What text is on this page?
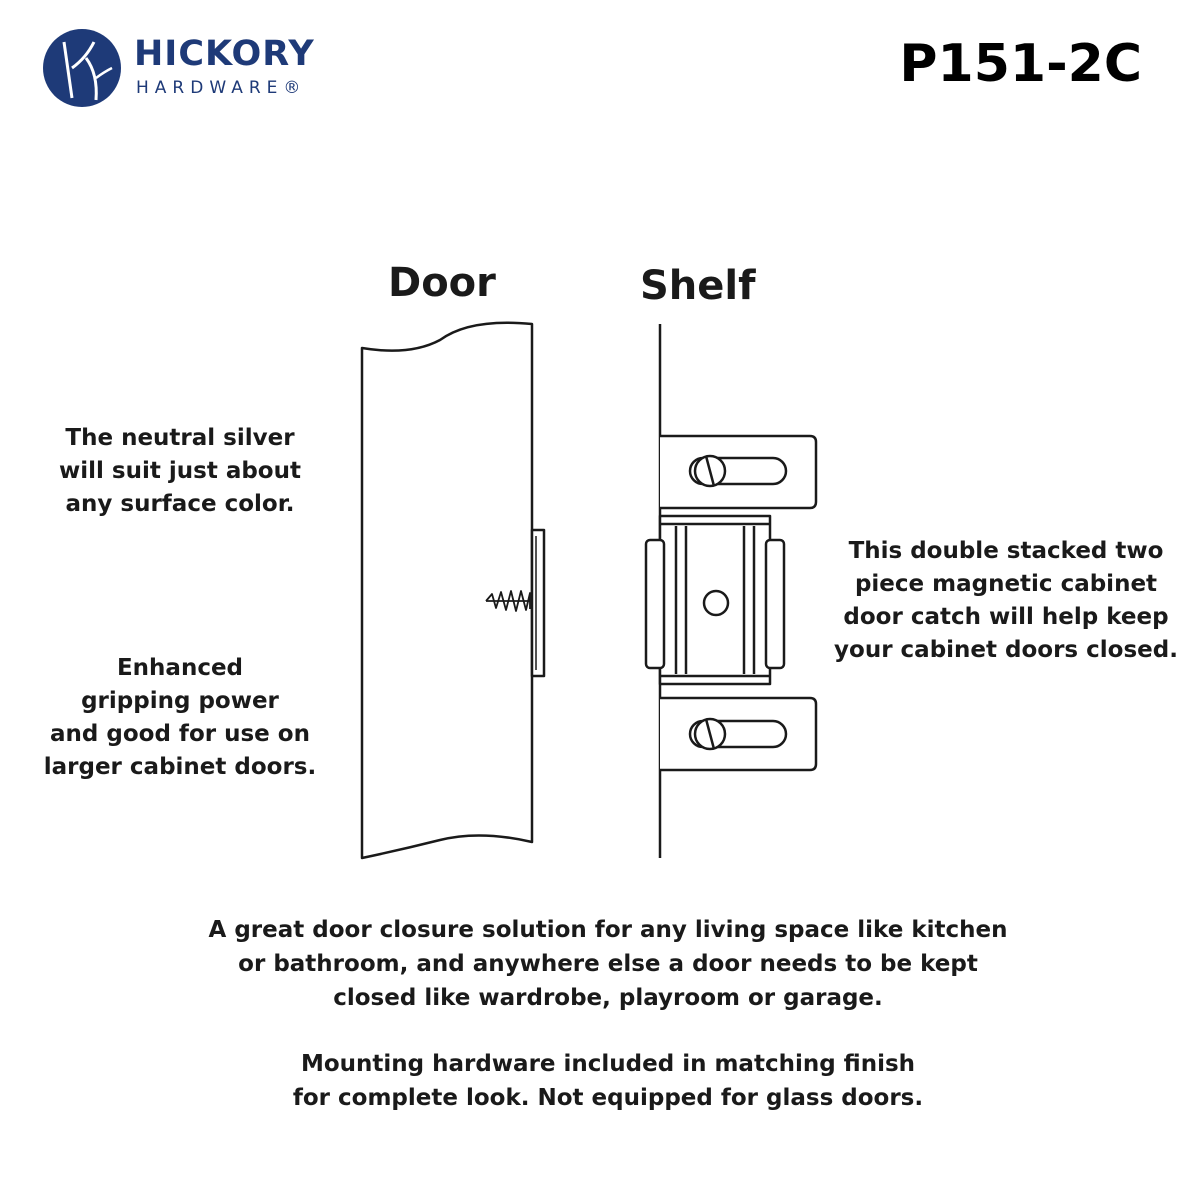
HICKORY
HARDWARE®	P151-2C
Door	Shelf
The neutral silver
will suit just about
any surface color.
Enhanced
gripping power
and good for use on
larger cabinet doors.
This double stacked two
piece magnetic cabinet
door catch will help keep
your cabinet doors closed.
A great door closure solution for any living space like kitchen
or bathroom, and anywhere else a door needs to be kept
closed like wardrobe, playroom or garage.
Mounting hardware included in matching finish
for complete look. Not equipped for glass doors.
